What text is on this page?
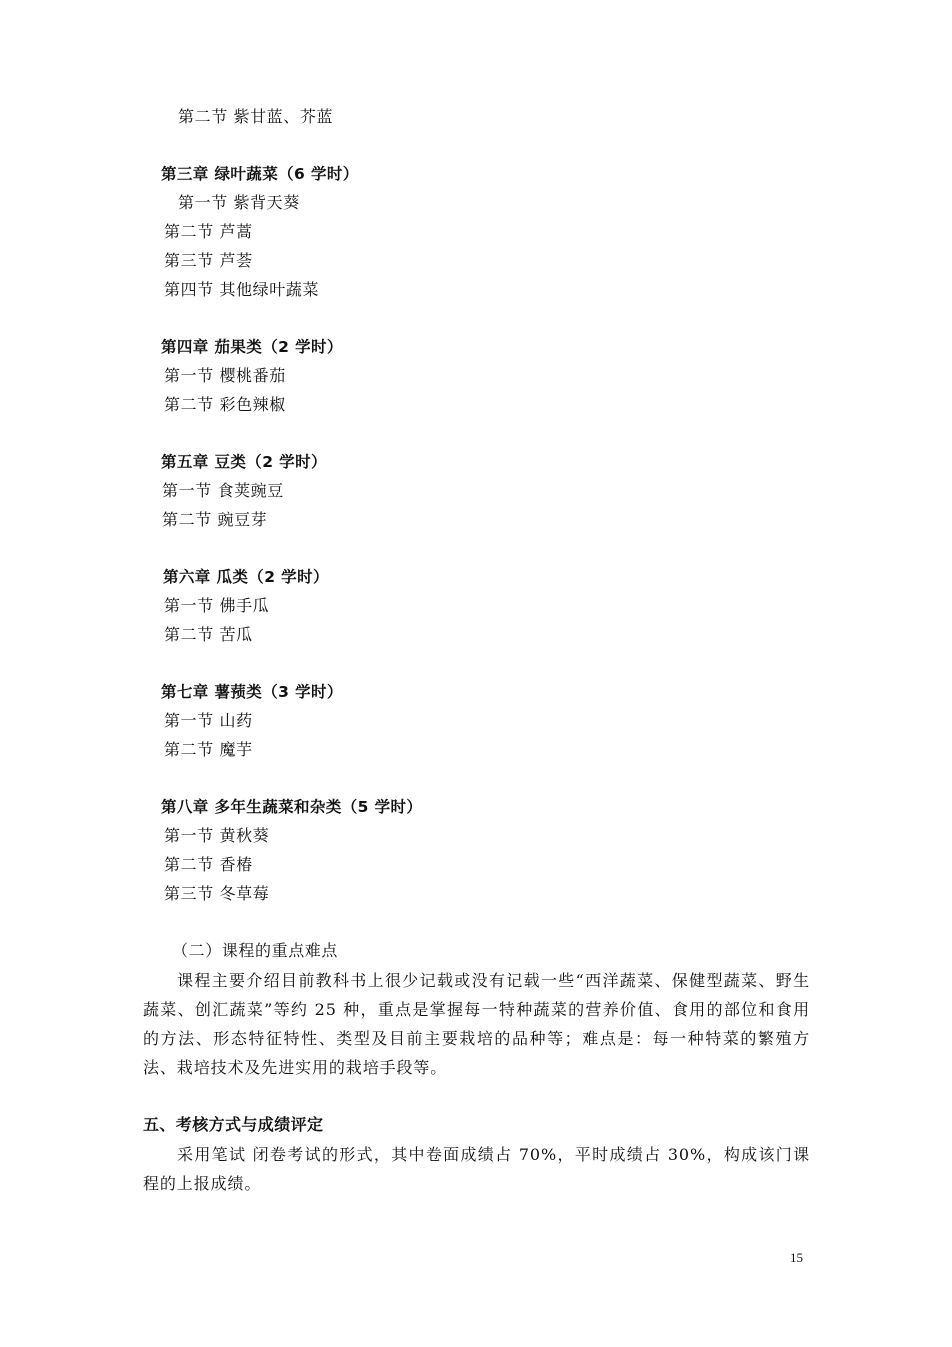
第二节 紫甘蓝、芥蓝

第三章 绿叶蔬菜（6 学时）

第一节 紫背天葵

第二节 芦蒿

第三节 芦荟

第四节 其他绿叶蔬菜

第四章 茄果类（2 学时）

第一节 樱桃番茄

第二节 彩色辣椒

第五章 豆类（2 学时）

第一节 食荚豌豆

第二节 豌豆芽

第六章 瓜类（2 学时）

第一节 佛手瓜

第二节 苦瓜

第七章 薯蓣类（3 学时）

第一节 山药

第二节 魔芋

第八章 多年生蔬菜和杂类（5 学时）

第一节 黄秋葵

第二节 香椿

第三节 冬草莓

（二）课程的重点难点

课程主要介绍目前教科书上很少记载或没有记载一些“西洋蔬菜、保健型蔬菜、野生蔬菜、创汇蔬菜”等约 25 种，重点是掌握每一特种蔬菜的营养价值、食用的部位和食用的方法、形态特征特性、类型及目前主要栽培的品种等；难点是：每一种特菜的繁殖方法、栽培技术及先进实用的栽培手段等。

五、考核方式与成绩评定

采用笔试 闭卷考试的形式，其中卷面成绩占 70%，平时成绩占 30%，构成该门课程的上报成绩。

15
